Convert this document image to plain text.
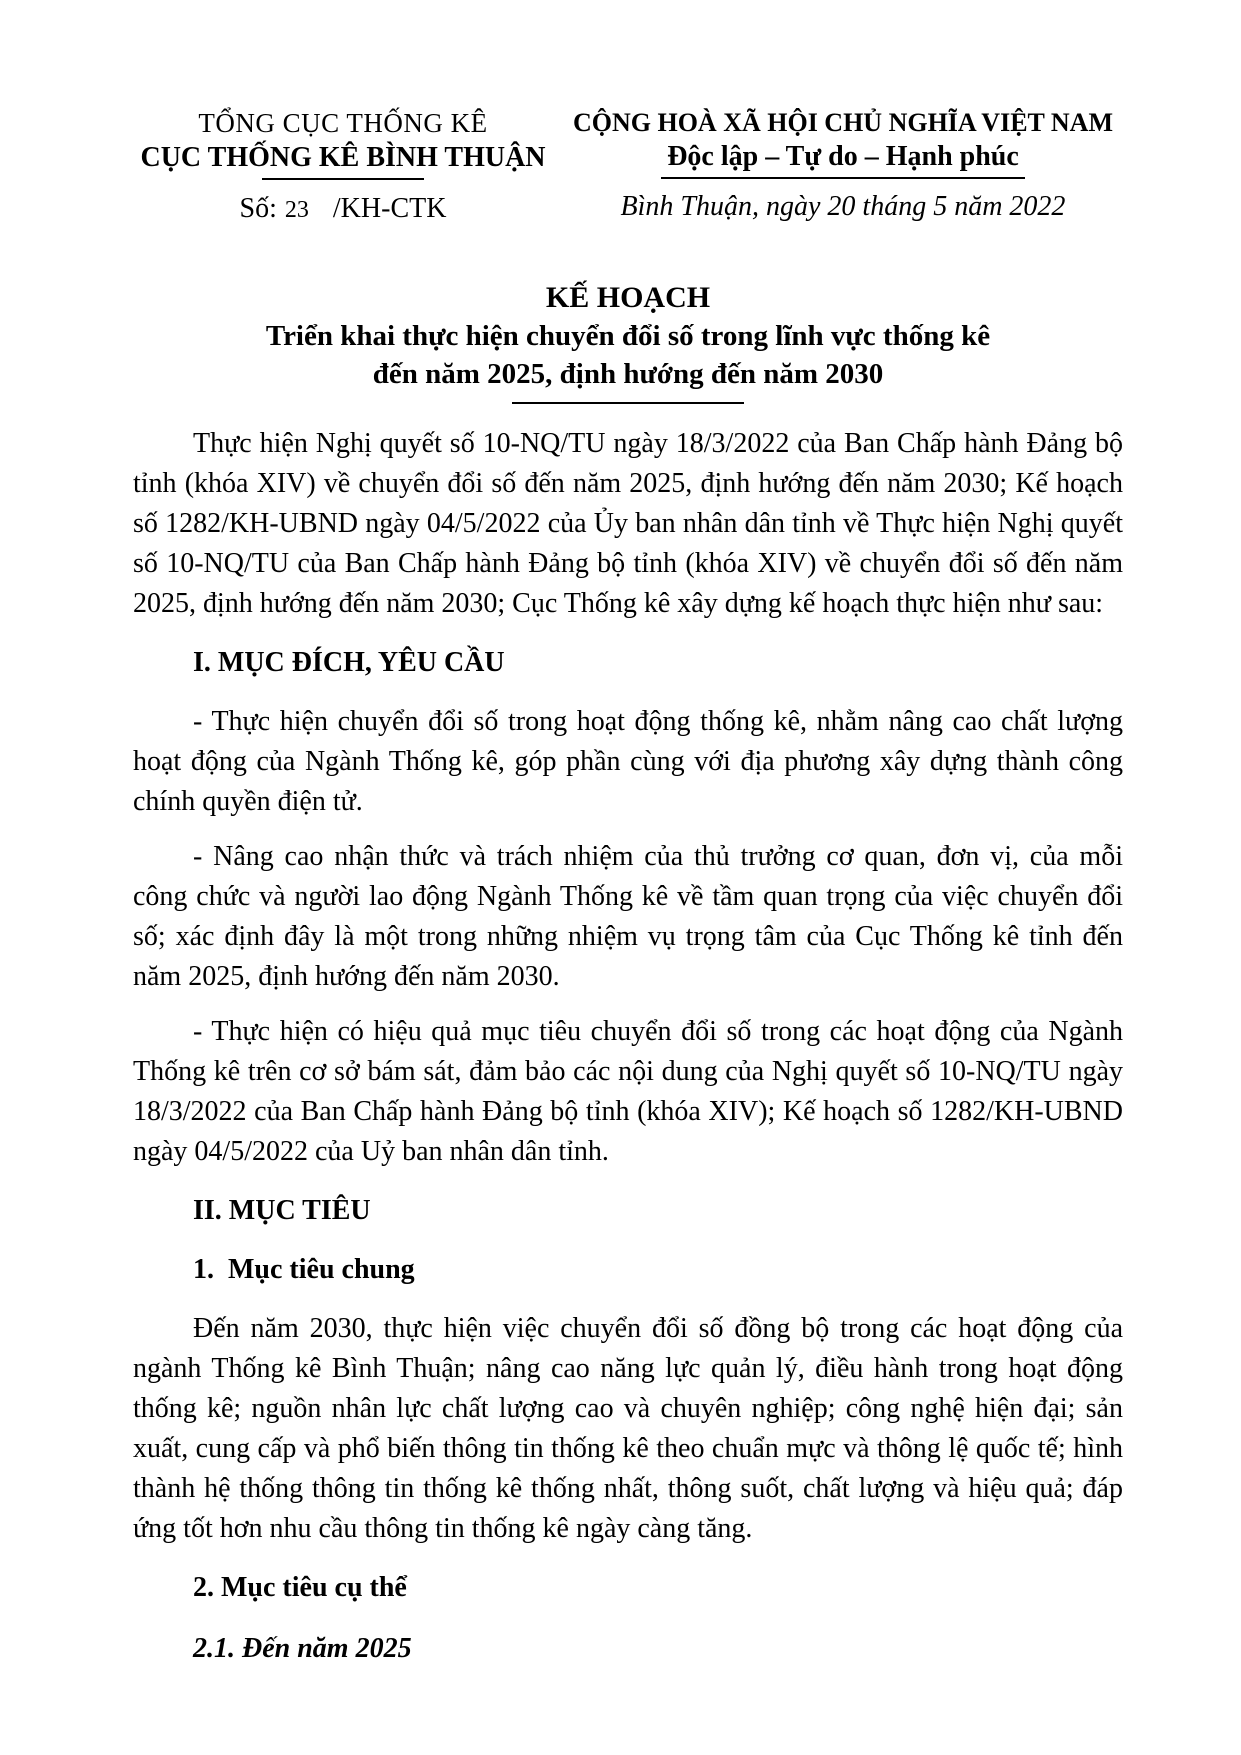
TỔNG CỤC THỐNG KÊ
CỤC THỐNG KÊ BÌNH THUẬN
Số: 23 /KH-CTK
CỘNG HOÀ XÃ HỘI CHỦ NGHĨA VIỆT NAM
Độc lập – Tự do – Hạnh phúc
Bình Thuận, ngày 20 tháng 5 năm 2022
KẾ HOẠCH
Triển khai thực hiện chuyển đổi số trong lĩnh vực thống kê
đến năm 2025, định hướng đến năm 2030
Thực hiện Nghị quyết số 10-NQ/TU ngày 18/3/2022 của Ban Chấp hành Đảng bộ tỉnh (khóa XIV) về chuyển đổi số đến năm 2025, định hướng đến năm 2030; Kế hoạch số 1282/KH-UBND ngày 04/5/2022 của Ủy ban nhân dân tỉnh về Thực hiện Nghị quyết số 10-NQ/TU của Ban Chấp hành Đảng bộ tỉnh (khóa XIV) về chuyển đổi số đến năm 2025, định hướng đến năm 2030; Cục Thống kê xây dựng kế hoạch thực hiện như sau:
I. MỤC ĐÍCH, YÊU CẦU
- Thực hiện chuyển đổi số trong hoạt động thống kê, nhằm nâng cao chất lượng hoạt động của Ngành Thống kê, góp phần cùng với địa phương xây dựng thành công chính quyền điện tử.
- Nâng cao nhận thức và trách nhiệm của thủ trưởng cơ quan, đơn vị, của mỗi công chức và người lao động Ngành Thống kê về tầm quan trọng của việc chuyển đổi số; xác định đây là một trong những nhiệm vụ trọng tâm của Cục Thống kê tỉnh đến năm 2025, định hướng đến năm 2030.
- Thực hiện có hiệu quả mục tiêu chuyển đổi số trong các hoạt động của Ngành Thống kê trên cơ sở bám sát, đảm bảo các nội dung của Nghị quyết số 10-NQ/TU ngày 18/3/2022 của Ban Chấp hành Đảng bộ tỉnh (khóa XIV); Kế hoạch số 1282/KH-UBND ngày 04/5/2022 của Uỷ ban nhân dân tỉnh.
II. MỤC TIÊU
1.  Mục tiêu chung
Đến năm 2030, thực hiện việc chuyển đổi số đồng bộ trong các hoạt động của ngành Thống kê Bình Thuận; nâng cao năng lực quản lý, điều hành trong hoạt động thống kê; nguồn nhân lực chất lượng cao và chuyên nghiệp; công nghệ hiện đại; sản xuất, cung cấp và phổ biến thông tin thống kê theo chuẩn mực và thông lệ quốc tế; hình thành hệ thống thông tin thống kê thống nhất, thông suốt, chất lượng và hiệu quả; đáp ứng tốt hơn nhu cầu thông tin thống kê ngày càng tăng.
2. Mục tiêu cụ thể
2.1. Đến năm 2025
